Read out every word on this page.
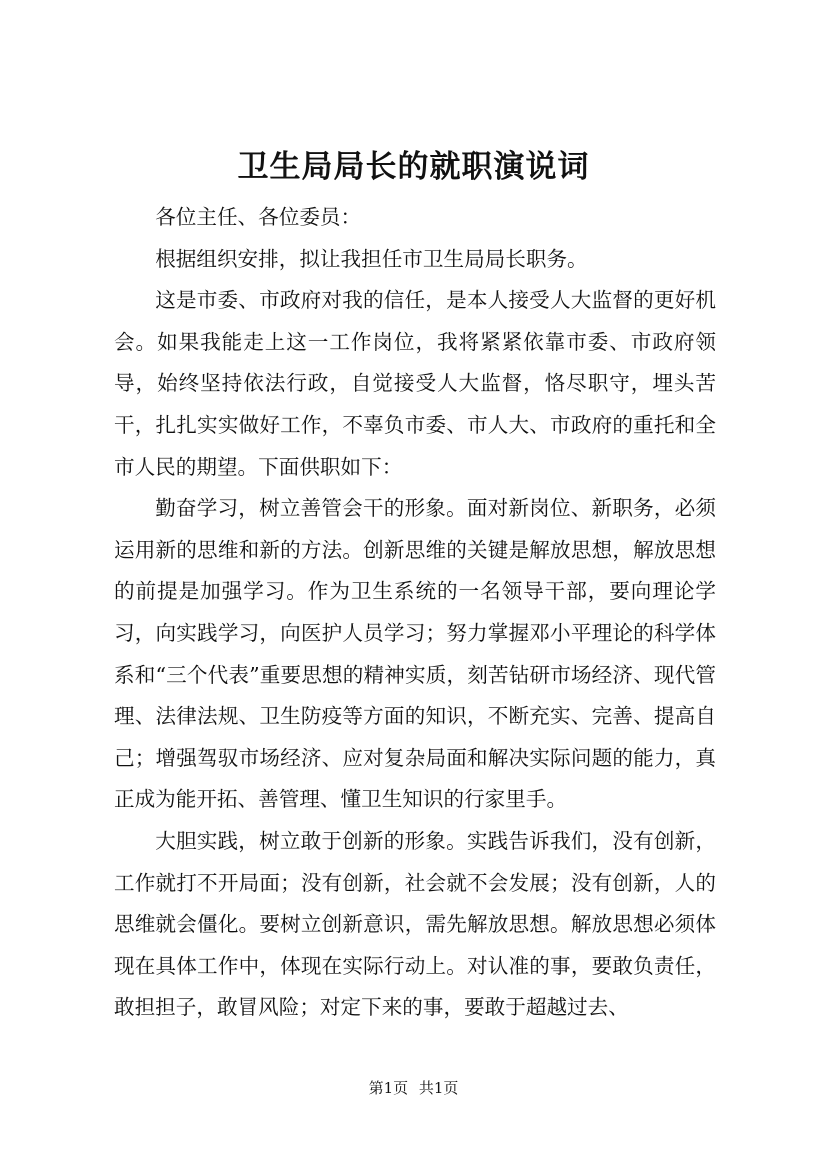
卫生局局长的就职演说词

各位主任、各位委员：

根据组织安排，拟让我担任市卫生局局长职务。

这是市委、市政府对我的信任，是本人接受人大监督的更好机会。如果我能走上这一工作岗位，我将紧紧依靠市委、市政府领导，始终坚持依法行政，自觉接受人大监督，恪尽职守，埋头苦干，扎扎实实做好工作，不辜负市委、市人大、市政府的重托和全市人民的期望。下面供职如下：

勤奋学习，树立善管会干的形象。面对新岗位、新职务，必须运用新的思维和新的方法。创新思维的关键是解放思想，解放思想的前提是加强学习。作为卫生系统的一名领导干部，要向理论学习，向实践学习，向医护人员学习；努力掌握邓小平理论的科学体系和“三个代表”重要思想的精神实质，刻苦钻研市场经济、现代管理、法律法规、卫生防疫等方面的知识，不断充实、完善、提高自己；增强驾驭市场经济、应对复杂局面和解决实际问题的能力，真正成为能开拓、善管理、懂卫生知识的行家里手。

大胆实践，树立敢于创新的形象。实践告诉我们，没有创新，工作就打不开局面；没有创新，社会就不会发展；没有创新，人的思维就会僵化。要树立创新意识，需先解放思想。解放思想必须体现在具体工作中，体现在实际行动上。对认准的事，要敢负责任，敢担担子，敢冒风险；对定下来的事，要敢于超越过去、

第1页 共1页
